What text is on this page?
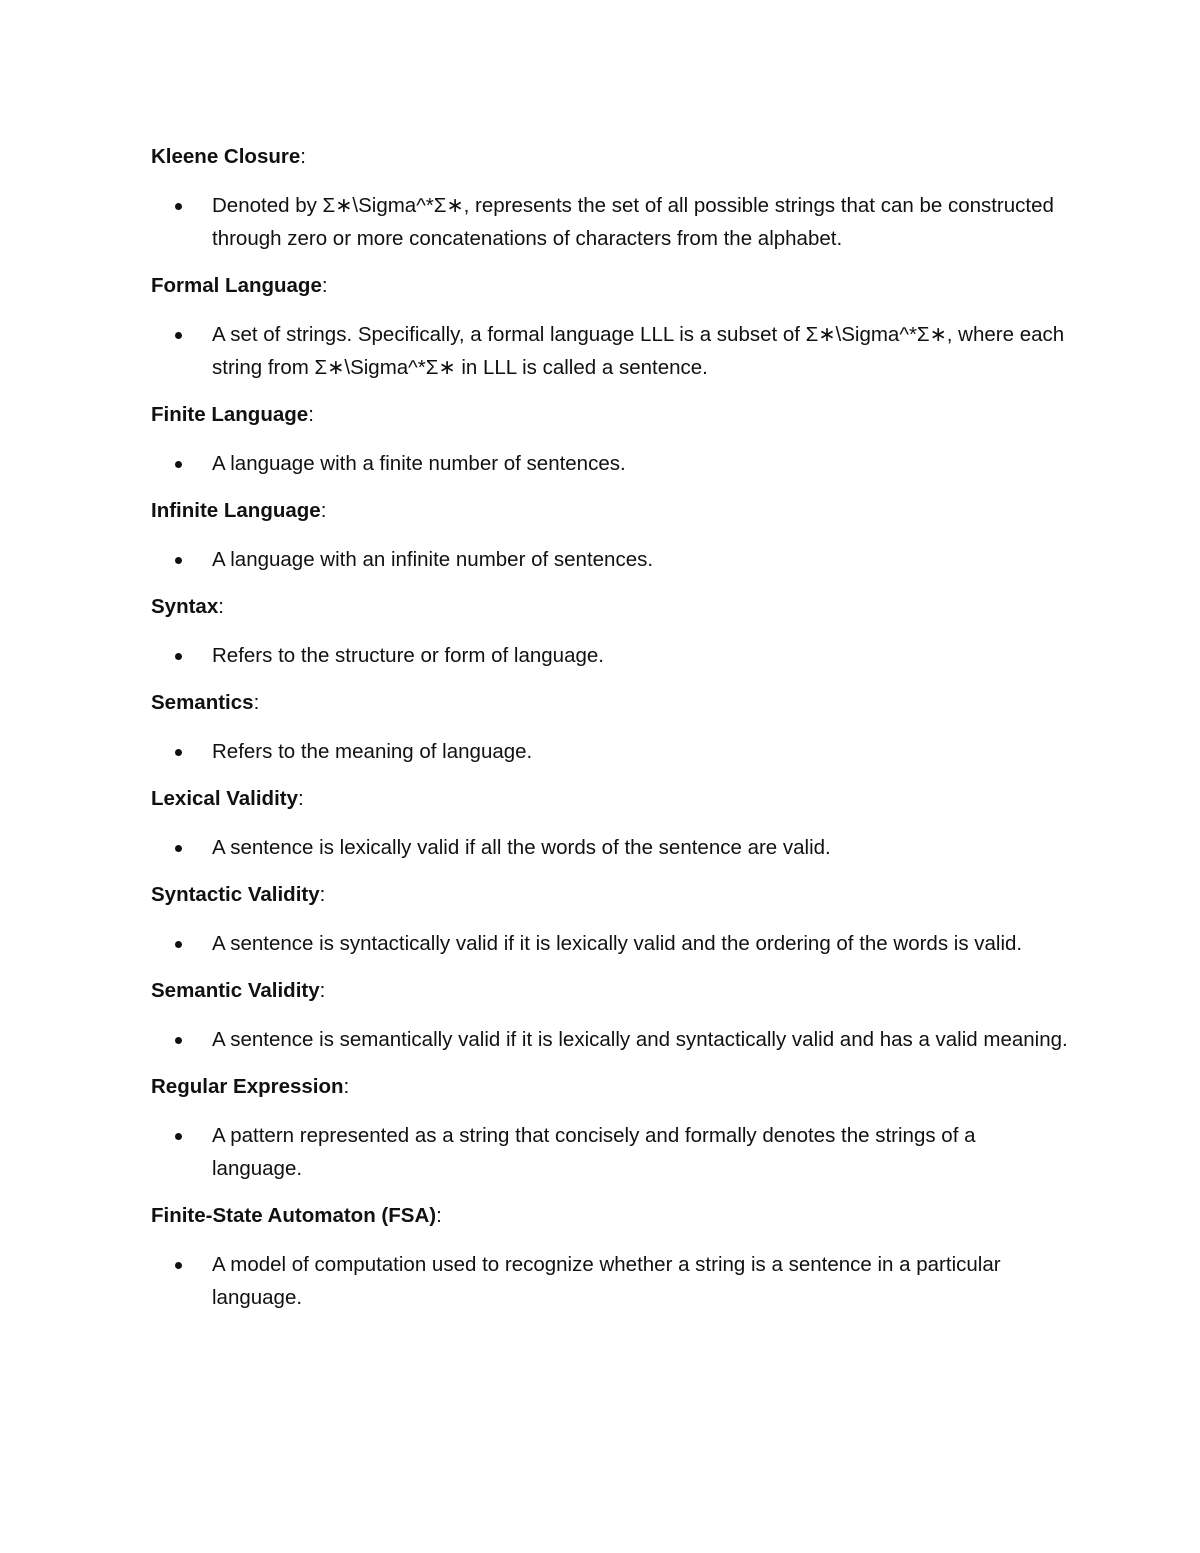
Kleene Closure:

Denoted by Σ∗\Sigma^*Σ∗, represents the set of all possible strings that can be constructed through zero or more concatenations of characters from the alphabet.

Formal Language:

A set of strings. Specifically, a formal language LLL is a subset of Σ∗\Sigma^*Σ∗, where each string from Σ∗\Sigma^*Σ∗ in LLL is called a sentence.

Finite Language:

A language with a finite number of sentences.

Infinite Language:

A language with an infinite number of sentences.

Syntax:

Refers to the structure or form of language.

Semantics:

Refers to the meaning of language.

Lexical Validity:

A sentence is lexically valid if all the words of the sentence are valid.

Syntactic Validity:

A sentence is syntactically valid if it is lexically valid and the ordering of the words is valid.

Semantic Validity:

A sentence is semantically valid if it is lexically and syntactically valid and has a valid meaning.

Regular Expression:

A pattern represented as a string that concisely and formally denotes the strings of a language.

Finite-State Automaton (FSA):

A model of computation used to recognize whether a string is a sentence in a particular language.
